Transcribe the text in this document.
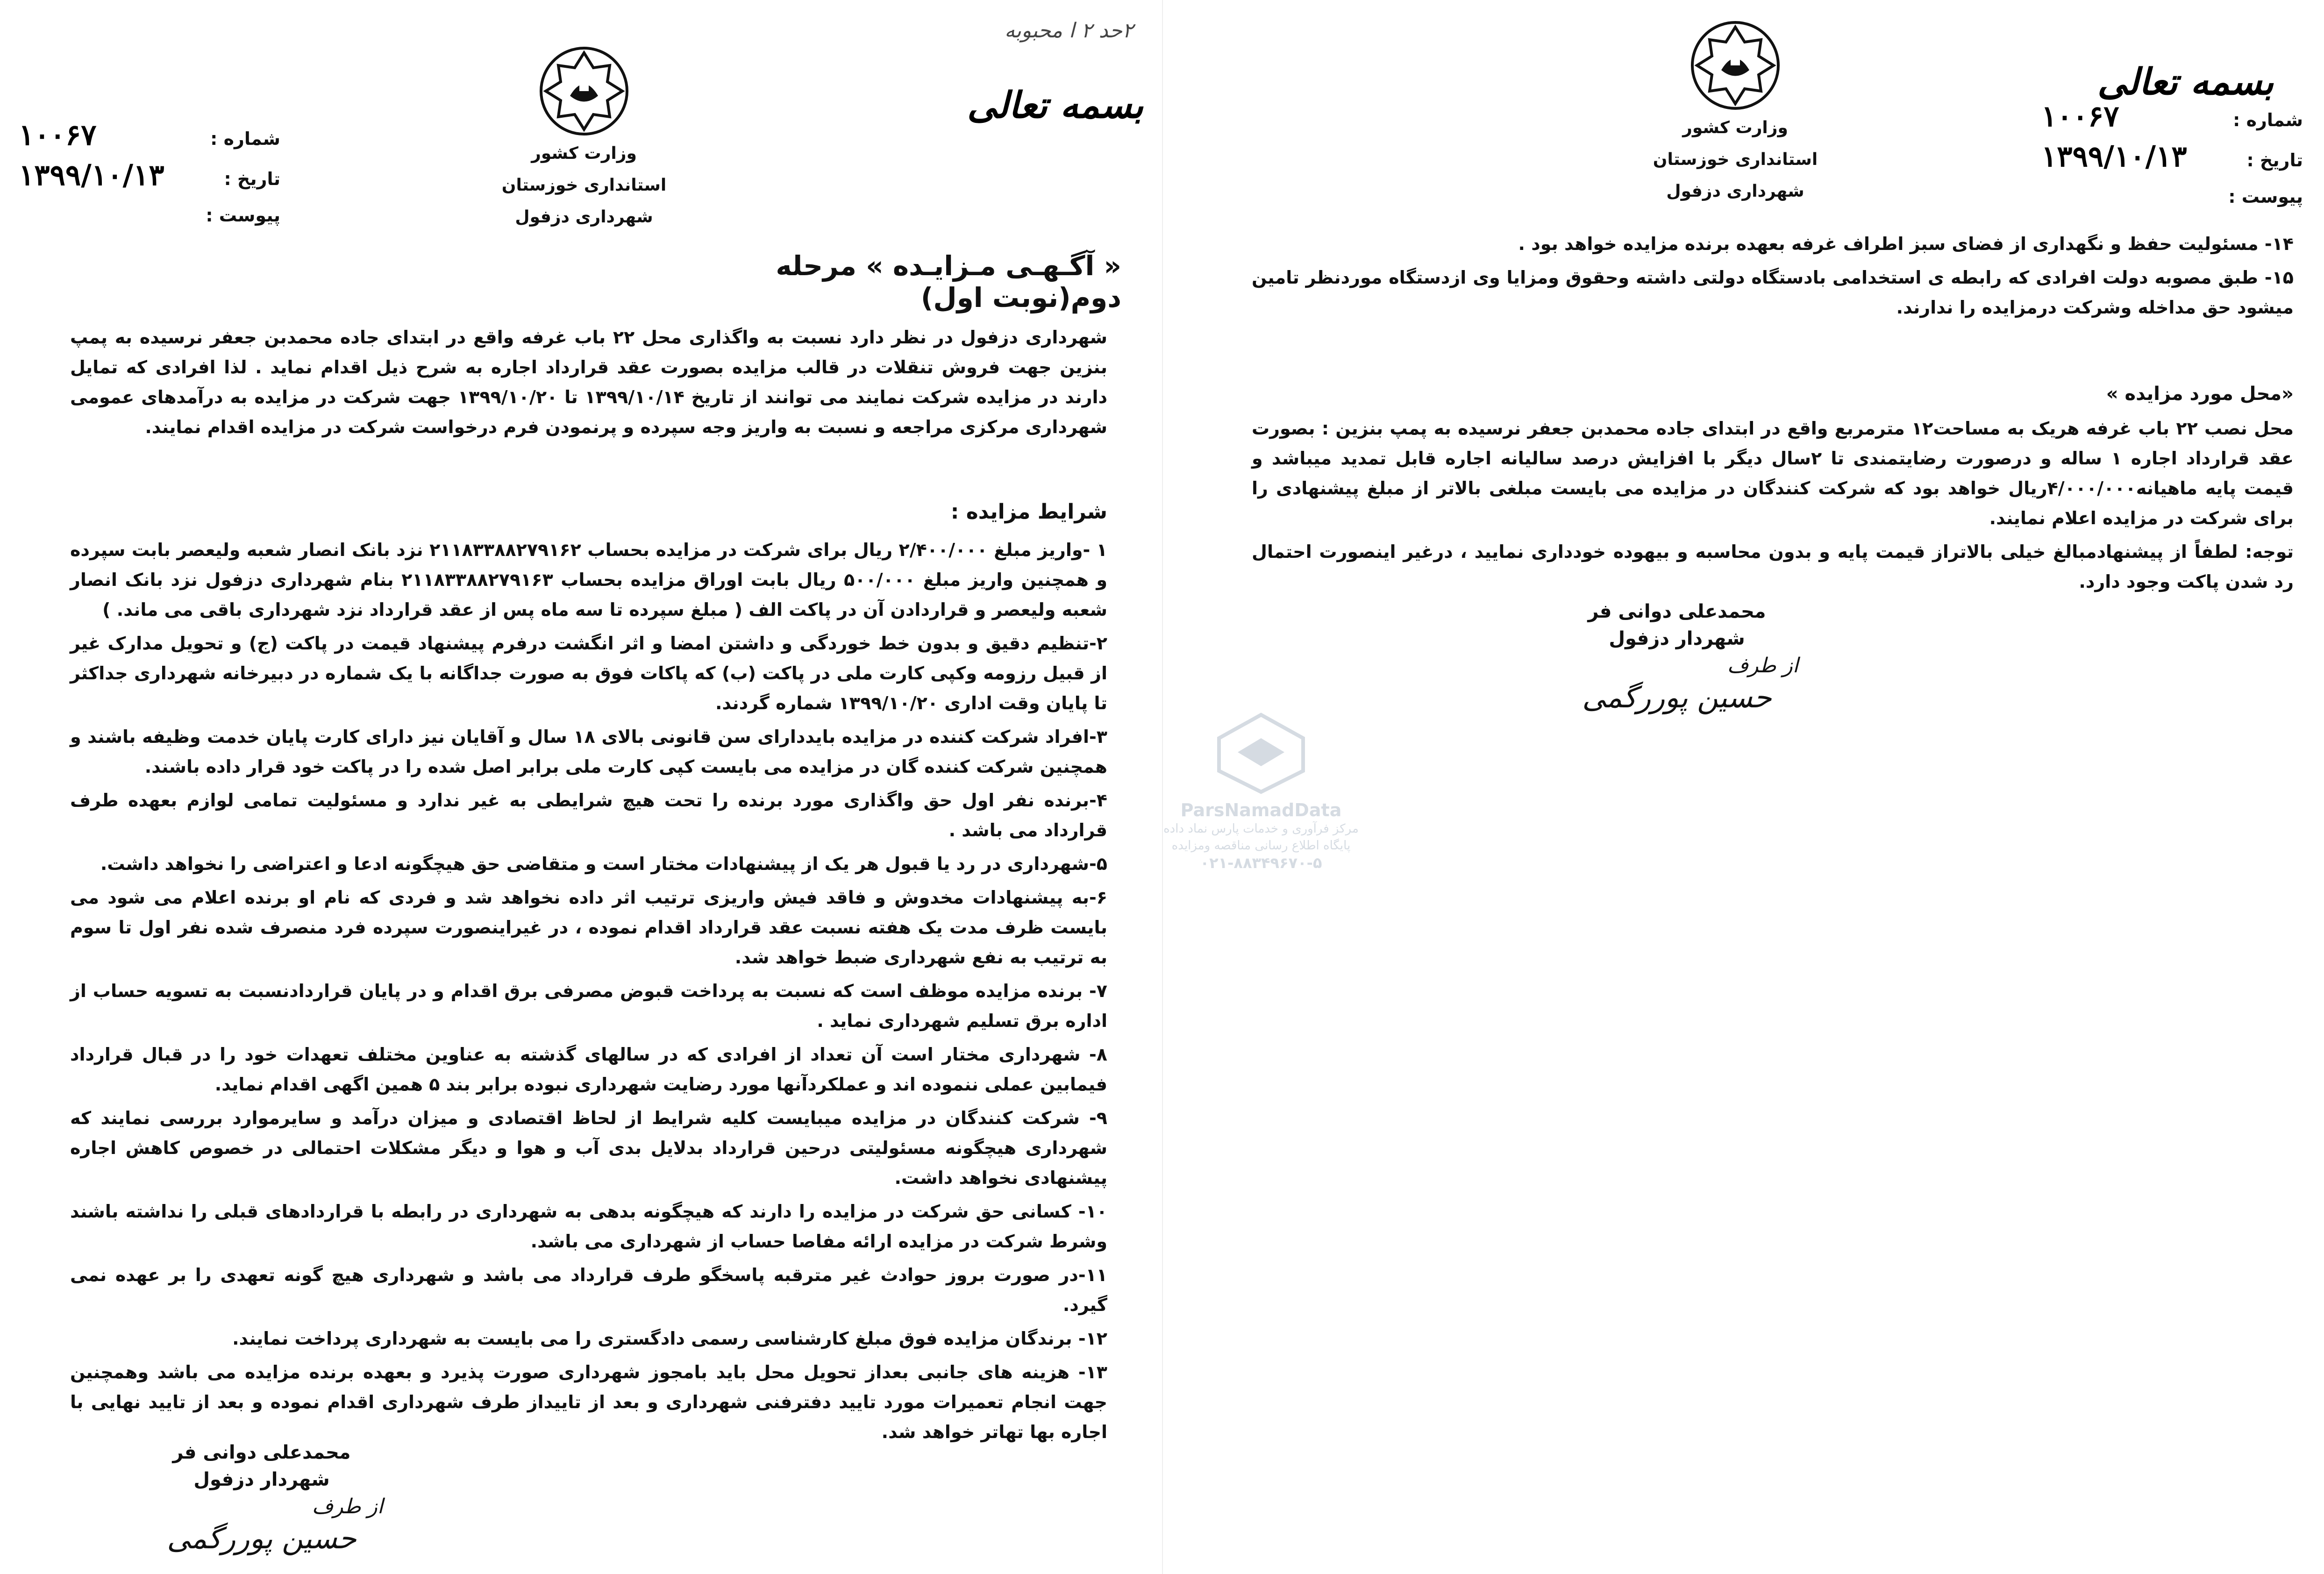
۲حد ۲ ا محبوبه
بسمه تعالی
وزارت کشور
استانداری خوزستان
شهرداری دزفول
شماره :
۱۰۰۶۷
تاریخ :
۱۳۹۹/۱۰/۱۳
پیوست :
« آگـهـی مـزایـده » مرحله دوم(نوبت اول)
شهرداری دزفول در نظر دارد نسبت به واگذاری محل ۲۲ باب غرفه واقع در ابتدای جاده محمدبن جعفر نرسیده به پمپ بنزین جهت فروش تنقلات در قالب مزایده بصورت عقد قرارداد اجاره به شرح ذیل اقدام نماید . لذا افرادی که تمایل دارند در مزایده شرکت نمایند می توانند از تاریخ ۱۳۹۹/۱۰/۱۴ تا ۱۳۹۹/۱۰/۲۰ جهت شرکت در مزایده به درآمدهای عمومی شهرداری مرکزی مراجعه و نسبت به واریز وجه سپرده و پرنمودن فرم درخواست شرکت در مزایده اقدام نمایند.
شرایط مزایده :

۱ -واریز مبلغ ۲/۴۰۰/۰۰۰ ریال برای شرکت در مزایده بحساب ۲۱۱۸۳۳۸۸۲۷۹۱۶۲ نزد بانک انصار شعبه ولیعصر بابت سپرده و همچنین واریز مبلغ ۵۰۰/۰۰۰ ریال بابت اوراق مزایده بحساب ۲۱۱۸۳۳۸۸۲۷۹۱۶۳ بنام شهرداری دزفول نزد بانک انصار شعبه ولیعصر و قراردادن آن در پاکت الف ( مبلغ سپرده تا سه ماه پس از عقد قرارداد نزد شهرداری باقی می ماند. )

۲-تنظیم دقیق و بدون خط خوردگی و داشتن امضا و اثر انگشت درفرم پیشنهاد قیمت در پاکت (ج) و تحویل مدارک غیر از قبیل رزومه وکپی کارت ملی در پاکت (ب) که پاکات فوق به صورت جداگانه با یک شماره در دبیرخانه شهرداری جداکثر تا پایان وقت اداری ۱۳۹۹/۱۰/۲۰ شماره گردند.

۳-افراد شرکت کننده در مزایده بایددارای سن قانونی بالای ۱۸ سال و آقایان نیز دارای کارت پایان خدمت وظیفه باشند و همچنین شرکت کننده گان در مزایده می بایست کپی کارت ملی برابر اصل شده را در پاکت خود قرار داده باشند.

۴-برنده نفر اول حق واگذاری مورد برنده را تحت هیچ شرایطی به غیر ندارد و مسئولیت تمامی لوازم بعهده طرف قرارداد می باشد .

۵-شهرداری در رد یا قبول هر یک از پیشنهادات مختار است و متقاضی حق هیچگونه ادعا و اعتراضی را نخواهد داشت.

۶-به پیشنهادات مخدوش و فاقد فیش واریزی ترتیب اثر داده نخواهد شد و فردی که نام او برنده اعلام می شود می بایست ظرف مدت یک هفته نسبت عقد قرارداد اقدام نموده ، در غیراینصورت سپرده فرد منصرف شده نفر اول تا سوم به ترتیب به نفع شهرداری ضبط خواهد شد.

۷- برنده مزایده موظف است که نسبت به پرداخت قبوض مصرفی برق اقدام و در پایان قراردادنسبت به تسویه حساب از اداره برق تسلیم شهرداری نماید .

۸- شهرداری مختار است آن تعداد از افرادی که در سالهای گذشته به عناوین مختلف تعهدات خود را در قبال قرارداد فیمابین عملی ننموده اند و عملکردآنها مورد رضایت شهرداری نبوده برابر بند ۵ همین اگهی اقدام نماید.

۹- شرکت کنندگان در مزایده میبایست کلیه شرایط از لحاظ اقتصادی و میزان درآمد و سایرموارد بررسی نمایند که شهرداری هیچگونه مسئولیتی درحین قرارداد بدلایل بدی آب و هوا و دیگر مشکلات احتمالی در خصوص کاهش اجاره پیشنهادی نخواهد داشت.

۱۰- کسانی حق شرکت در مزایده را دارند که هیچگونه بدهی به شهرداری در رابطه با قراردادهای قبلی را نداشته باشند وشرط شرکت در مزایده ارائه مفاصا حساب از شهرداری می باشد.

۱۱-در صورت بروز حوادث غیر مترقبه پاسخگو طرف قرارداد می باشد و شهرداری هیچ گونه تعهدی را بر عهده نمی گیرد.

۱۲- برندگان مزایده فوق مبلغ کارشناسی رسمی دادگستری را می بایست به شهرداری پرداخت نمایند.

۱۳- هزینه های جانبی بعداز تحویل محل باید بامجوز شهرداری صورت پذیرد و بعهده برنده مزایده می باشد وهمچنین جهت انجام تعمیرات مورد تایید دفترفنی شهرداری و بعد از تاییداز طرف شهرداری اقدام نموده و بعد از تایید نهایی با اجاره بها تهاتر خواهد شد.

محمدعلی دوانی فر
شهردار دزفول
از طرف
حسین پوررگمی
بسمه تعالی
وزارت کشور
استانداری خوزستان
شهرداری دزفول
شماره :
۱۰۰۶۷
تاریخ :
۱۳۹۹/۱۰/۱۳
پیوست :

۱۴- مسئولیت حفظ و نگهداری از فضای سبز اطراف غرفه بعهده برنده مزایده خواهد بود .

۱۵- طبق مصوبه دولت افرادی که رابطه ی استخدامی بادستگاه دولتی داشته وحقوق ومزایا وی ازدستگاه موردنظر تامین میشود حق مداخله وشرکت درمزایده را ندارند.

«محل مورد مزایده »

محل نصب ۲۲ باب غرفه هریک به مساحت۱۲ مترمربع واقع در ابتدای جاده محمدبن جعفر نرسیده به پمپ بنزین : بصورت عقد قرارداد اجاره ۱ ساله و درصورت رضایتمندی تا ۲سال دیگر با افزایش درصد سالیانه اجاره قابل تمدید میباشد و قیمت پایه ماهیانه۴/۰۰۰/۰۰۰ریال خواهد بود که شرکت کنندگان در مزایده می بایست مبلغی بالاتر از مبلغ پیشنهادی را برای شرکت در مزایده اعلام نمایند.

توجه: لطفاً از پیشنهادمبالغ خیلی بالاتراز قیمت پایه و بدون محاسبه و بیهوده خودداری نمایید ، درغیر اینصورت احتمال رد شدن پاکت وجود دارد.

محمدعلی دوانی فر
شهردار دزفول
از طرف
حسین پوررگمی
ParsNamadData
مرکز فرآوری و خدمات پارس نماد داده
پایگاه اطلاع رسانی مناقصه ومزایده
۰۲۱-۸۸۳۴۹۶۷۰-۵
